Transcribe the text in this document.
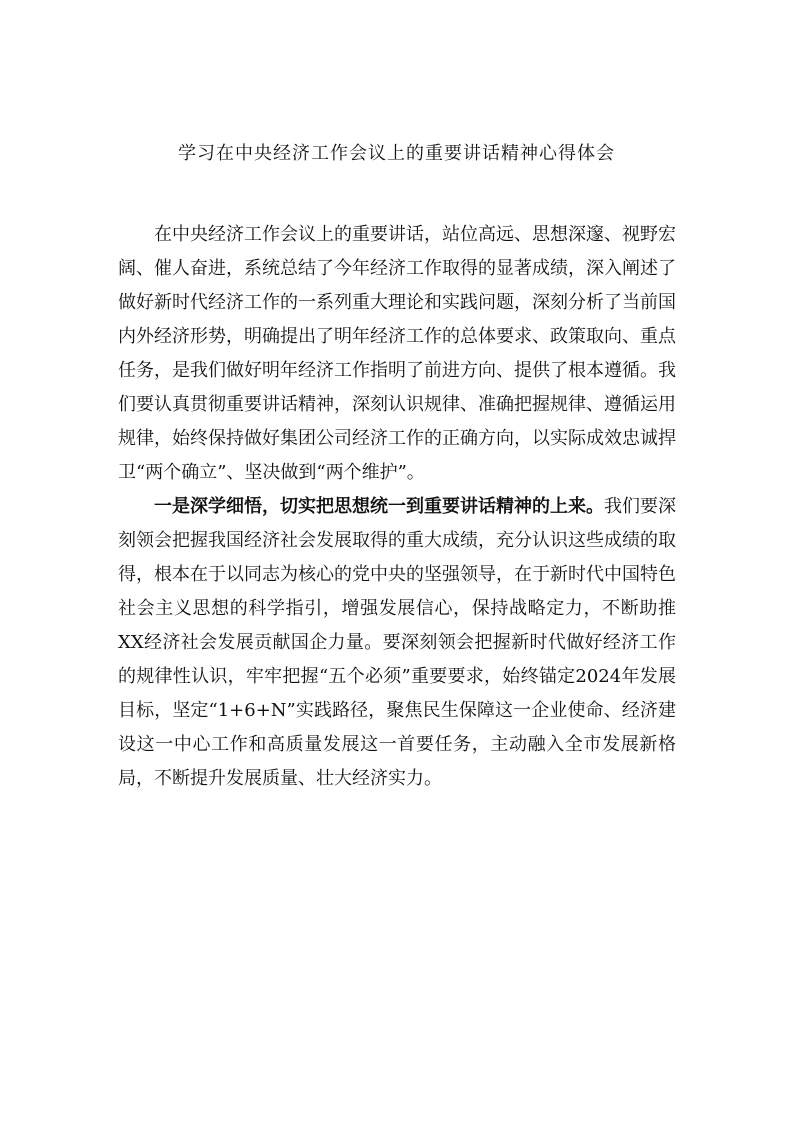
学习在中央经济工作会议上的重要讲话精神心得体会

在中央经济工作会议上的重要讲话，站位高远、思想深邃、视野宏阔、催人奋进，系统总结了今年经济工作取得的显著成绩，深入阐述了做好新时代经济工作的一系列重大理论和实践问题，深刻分析了当前国内外经济形势，明确提出了明年经济工作的总体要求、政策取向、重点任务，是我们做好明年经济工作指明了前进方向、提供了根本遵循。我们要认真贯彻重要讲话精神，深刻认识规律、准确把握规律、遵循运用规律，始终保持做好集团公司经济工作的正确方向，以实际成效忠诚捍卫“两个确立”、坚决做到“两个维护”。

一是深学细悟，切实把思想统一到重要讲话精神的上来。我们要深刻领会把握我国经济社会发展取得的重大成绩，充分认识这些成绩的取得，根本在于以同志为核心的党中央的坚强领导，在于新时代中国特色社会主义思想的科学指引，增强发展信心，保持战略定力，不断助推XX经济社会发展贡献国企力量。要深刻领会把握新时代做好经济工作的规律性认识，牢牢把握“五个必须”重要要求，始终锚定2024年发展目标，坚定“1+6+N”实践路径，聚焦民生保障这一企业使命、经济建设这一中心工作和高质量发展这一首要任务，主动融入全市发展新格局，不断提升发展质量、壮大经济实力。
